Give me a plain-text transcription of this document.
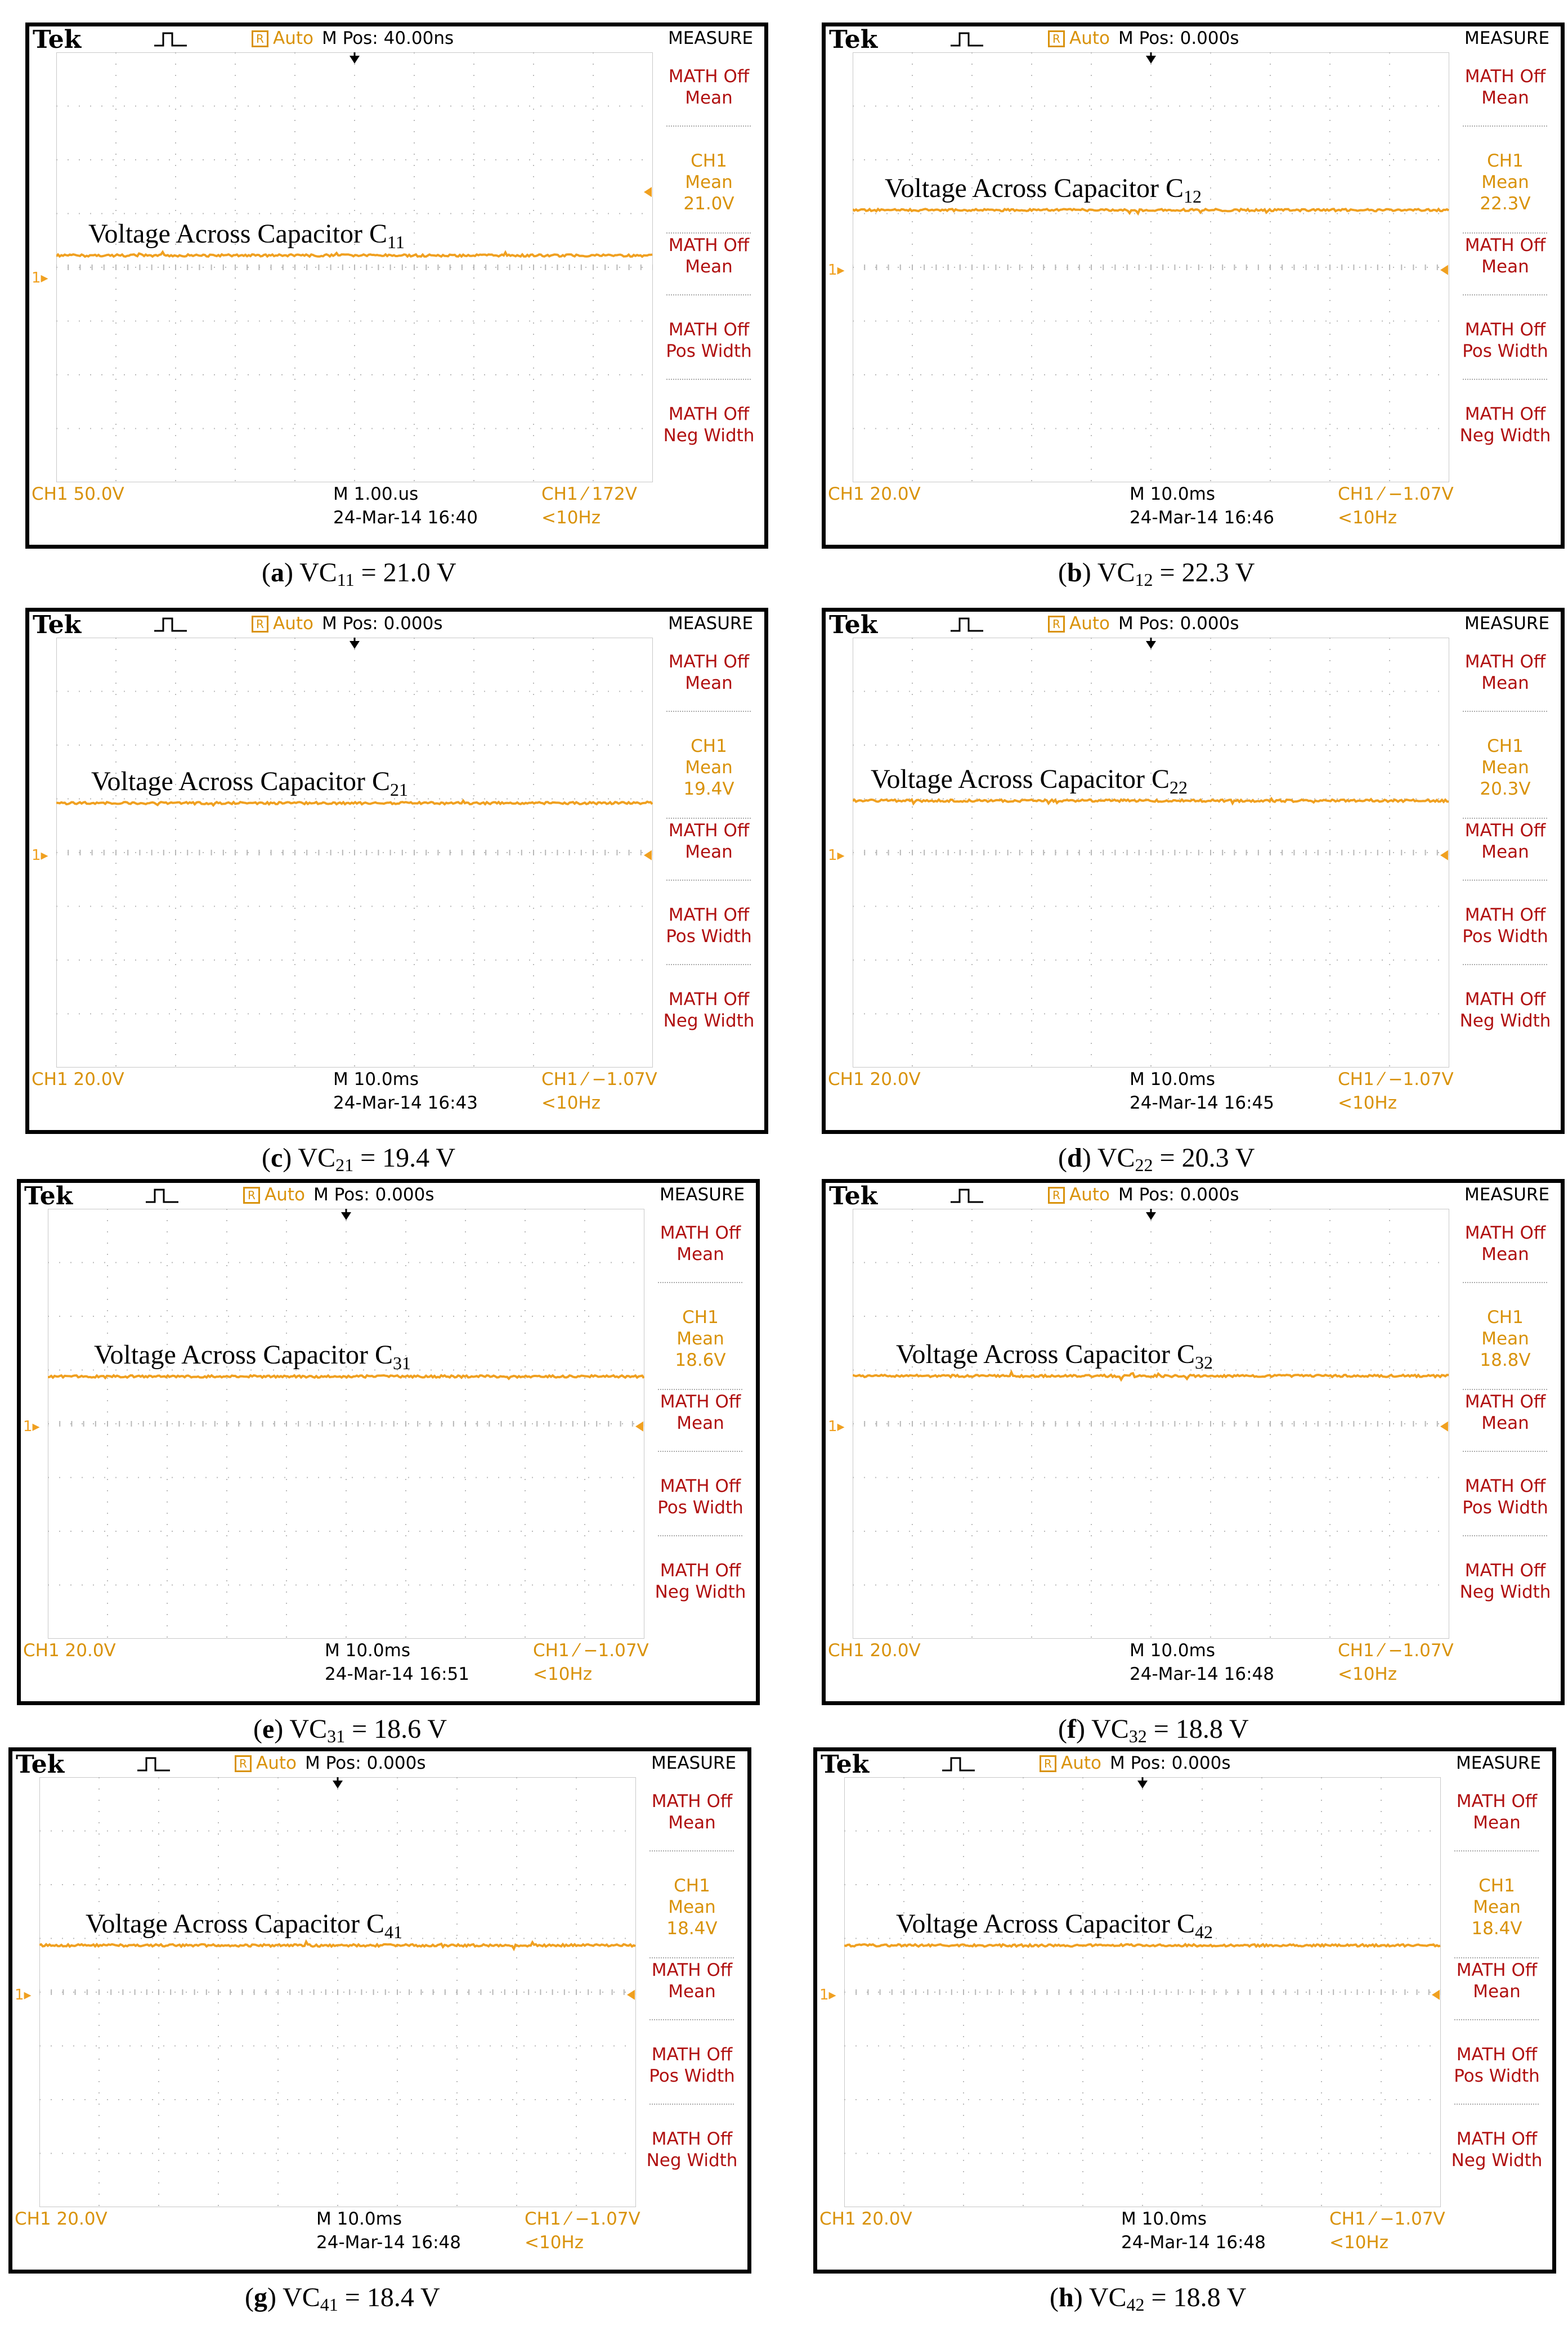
Tek	R Auto M Pos: 40.00ns	MEASURE
1▸
MATH Off
Mean
CH1
Mean
21.0V
MATH Off
Mean
MATH Off
Pos Width
MATH Off
Neg Width
CH1 50.0V	M 1.00.us
24-Mar-14 16:40
CH1 ⁄ 172V
<10Hz
Voltage Across Capacitor $C_{11}$
(a) $VC_{11} = 21.0$ V
Tek	R Auto M Pos: 0.000s	MEASURE
1▸
MATH Off
Mean
CH1
Mean
22.3V
MATH Off
Mean
MATH Off
Pos Width
MATH Off
Neg Width
CH1 20.0V	M 10.0ms
24-Mar-14 16:46
CH1 ⁄ −1.07V
<10Hz
Voltage Across Capacitor $C_{12}$
(b) $VC_{12} = 22.3$ V
Tek	R Auto M Pos: 0.000s	MEASURE
1▸
MATH Off
Mean
CH1
Mean
19.4V
MATH Off
Mean
MATH Off
Pos Width
MATH Off
Neg Width
CH1 20.0V	M 10.0ms
24-Mar-14 16:43
CH1 ⁄ −1.07V
<10Hz
Voltage Across Capacitor $C_{21}$
(c) $VC_{21} = 19.4$ V
Tek	R Auto M Pos: 0.000s	MEASURE
1▸
MATH Off
Mean
CH1
Mean
20.3V
MATH Off
Mean
MATH Off
Pos Width
MATH Off
Neg Width
CH1 20.0V	M 10.0ms
24-Mar-14 16:45
CH1 ⁄ −1.07V
<10Hz
Voltage Across Capacitor $C_{22}$
(d) $VC_{22} = 20.3$ V
Tek	R Auto M Pos: 0.000s	MEASURE
1▸
MATH Off
Mean
CH1
Mean
18.6V
MATH Off
Mean
MATH Off
Pos Width
MATH Off
Neg Width
CH1 20.0V	M 10.0ms
24-Mar-14 16:51
CH1 ⁄ −1.07V
<10Hz
Voltage Across Capacitor $C_{31}$
(e) $VC_{31} = 18.6$ V
Tek	R Auto M Pos: 0.000s	MEASURE
1▸
MATH Off
Mean
CH1
Mean
18.8V
MATH Off
Mean
MATH Off
Pos Width
MATH Off
Neg Width
CH1 20.0V	M 10.0ms
24-Mar-14 16:48
CH1 ⁄ −1.07V
<10Hz
Voltage Across Capacitor $C_{32}$
(f) $VC_{32} = 18.8$ V
Tek	R Auto M Pos: 0.000s	MEASURE
1▸
MATH Off
Mean
CH1
Mean
18.4V
MATH Off
Mean
MATH Off
Pos Width
MATH Off
Neg Width
CH1 20.0V	M 10.0ms
24-Mar-14 16:48
CH1 ⁄ −1.07V
<10Hz
Voltage Across Capacitor $C_{41}$
(g) $VC_{41} = 18.4$ V
Tek	R Auto M Pos: 0.000s	MEASURE
1▸
MATH Off
Mean
CH1
Mean
18.4V
MATH Off
Mean
MATH Off
Pos Width
MATH Off
Neg Width
CH1 20.0V	M 10.0ms
24-Mar-14 16:48
CH1 ⁄ −1.07V
<10Hz
Voltage Across Capacitor $C_{42}$
(h) $VC_{42} = 18.8$ V
